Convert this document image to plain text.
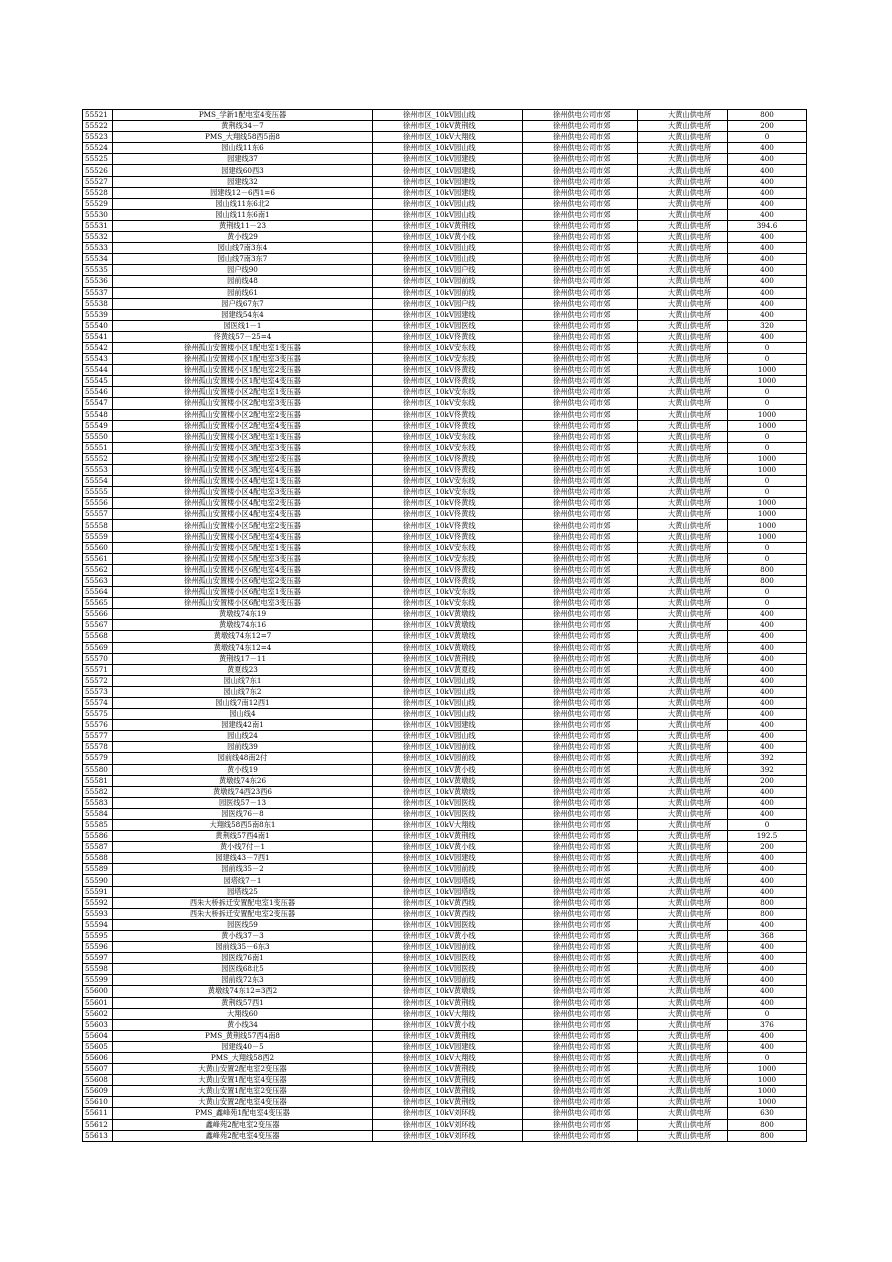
55521	PMS_学新1配电室4变压器	徐州市区_10kV园山线	徐州供电公司市郊	大黄山供电所	800
55522	黄荆线34－7	徐州市区_10kV黄荆线	徐州供电公司市郊	大黄山供电所	200
55523	PMS_大翔线58西5南8	徐州市区_10kV大翔线	徐州供电公司市郊	大黄山供电所	0
55524	园山线11东6	徐州市区_10kV园山线	徐州供电公司市郊	大黄山供电所	400
55525	园建线37	徐州市区_10kV园建线	徐州供电公司市郊	大黄山供电所	400
55526	园建线60西3	徐州市区_10kV园建线	徐州供电公司市郊	大黄山供电所	400
55527	园建线32	徐州市区_10kV园建线	徐州供电公司市郊	大黄山供电所	400
55528	园建线12－6西1=6	徐州市区_10kV园建线	徐州供电公司市郊	大黄山供电所	400
55529	园山线11东6北2	徐州市区_10kV园山线	徐州供电公司市郊	大黄山供电所	400
55530	园山线11东6南1	徐州市区_10kV园山线	徐州供电公司市郊	大黄山供电所	400
55531	黄荆线11－23	徐州市区_10kV黄荆线	徐州供电公司市郊	大黄山供电所	394.6
55532	黄小线29	徐州市区_10kV黄小线	徐州供电公司市郊	大黄山供电所	400
55533	园山线7南3东4	徐州市区_10kV园山线	徐州供电公司市郊	大黄山供电所	400
55534	园山线7南3东7	徐州市区_10kV园山线	徐州供电公司市郊	大黄山供电所	400
55535	园户线90	徐州市区_10kV园户线	徐州供电公司市郊	大黄山供电所	400
55536	园前线48	徐州市区_10kV园前线	徐州供电公司市郊	大黄山供电所	400
55537	园前线61	徐州市区_10kV园前线	徐州供电公司市郊	大黄山供电所	400
55538	园户线67东7	徐州市区_10kV园户线	徐州供电公司市郊	大黄山供电所	400
55539	园建线54东4	徐州市区_10kV园建线	徐州供电公司市郊	大黄山供电所	400
55540	园医线1－1	徐州市区_10kV园医线	徐州供电公司市郊	大黄山供电所	320
55541	佟黄线57－25=4	徐州市区_10kV佟黄线	徐州供电公司市郊	大黄山供电所	400
55542	徐州孤山安置楼小区1配电室1变压器	徐州市区_10kV安东线	徐州供电公司市郊	大黄山供电所	0
55543	徐州孤山安置楼小区1配电室3变压器	徐州市区_10kV安东线	徐州供电公司市郊	大黄山供电所	0
55544	徐州孤山安置楼小区1配电室2变压器	徐州市区_10kV佟黄线	徐州供电公司市郊	大黄山供电所	1000
55545	徐州孤山安置楼小区1配电室4变压器	徐州市区_10kV佟黄线	徐州供电公司市郊	大黄山供电所	1000
55546	徐州孤山安置楼小区2配电室1变压器	徐州市区_10kV安东线	徐州供电公司市郊	大黄山供电所	0
55547	徐州孤山安置楼小区2配电室3变压器	徐州市区_10kV安东线	徐州供电公司市郊	大黄山供电所	0
55548	徐州孤山安置楼小区2配电室2变压器	徐州市区_10kV佟黄线	徐州供电公司市郊	大黄山供电所	1000
55549	徐州孤山安置楼小区2配电室4变压器	徐州市区_10kV佟黄线	徐州供电公司市郊	大黄山供电所	1000
55550	徐州孤山安置楼小区3配电室1变压器	徐州市区_10kV安东线	徐州供电公司市郊	大黄山供电所	0
55551	徐州孤山安置楼小区3配电室3变压器	徐州市区_10kV安东线	徐州供电公司市郊	大黄山供电所	0
55552	徐州孤山安置楼小区3配电室2变压器	徐州市区_10kV佟黄线	徐州供电公司市郊	大黄山供电所	1000
55553	徐州孤山安置楼小区3配电室4变压器	徐州市区_10kV佟黄线	徐州供电公司市郊	大黄山供电所	1000
55554	徐州孤山安置楼小区4配电室1变压器	徐州市区_10kV安东线	徐州供电公司市郊	大黄山供电所	0
55555	徐州孤山安置楼小区4配电室3变压器	徐州市区_10kV安东线	徐州供电公司市郊	大黄山供电所	0
55556	徐州孤山安置楼小区4配电室2变压器	徐州市区_10kV佟黄线	徐州供电公司市郊	大黄山供电所	1000
55557	徐州孤山安置楼小区4配电室4变压器	徐州市区_10kV佟黄线	徐州供电公司市郊	大黄山供电所	1000
55558	徐州孤山安置楼小区5配电室2变压器	徐州市区_10kV佟黄线	徐州供电公司市郊	大黄山供电所	1000
55559	徐州孤山安置楼小区5配电室4变压器	徐州市区_10kV佟黄线	徐州供电公司市郊	大黄山供电所	1000
55560	徐州孤山安置楼小区5配电室1变压器	徐州市区_10kV安东线	徐州供电公司市郊	大黄山供电所	0
55561	徐州孤山安置楼小区5配电室3变压器	徐州市区_10kV安东线	徐州供电公司市郊	大黄山供电所	0
55562	徐州孤山安置楼小区6配电室4变压器	徐州市区_10kV佟黄线	徐州供电公司市郊	大黄山供电所	800
55563	徐州孤山安置楼小区6配电室2变压器	徐州市区_10kV佟黄线	徐州供电公司市郊	大黄山供电所	800
55564	徐州孤山安置楼小区6配电室1变压器	徐州市区_10kV安东线	徐州供电公司市郊	大黄山供电所	0
55565	徐州孤山安置楼小区6配电室3变压器	徐州市区_10kV安东线	徐州供电公司市郊	大黄山供电所	0
55566	黄墩线74东19	徐州市区_10kV黄墩线	徐州供电公司市郊	大黄山供电所	400
55567	黄墩线74东16	徐州市区_10kV黄墩线	徐州供电公司市郊	大黄山供电所	400
55568	黄墩线74东12=7	徐州市区_10kV黄墩线	徐州供电公司市郊	大黄山供电所	400
55569	黄墩线74东12=4	徐州市区_10kV黄墩线	徐州供电公司市郊	大黄山供电所	400
55570	黄荆线17－11	徐州市区_10kV黄荆线	徐州供电公司市郊	大黄山供电所	400
55571	黄夏线23	徐州市区_10kV黄夏线	徐州供电公司市郊	大黄山供电所	400
55572	园山线7东1	徐州市区_10kV园山线	徐州供电公司市郊	大黄山供电所	400
55573	园山线7东2	徐州市区_10kV园山线	徐州供电公司市郊	大黄山供电所	400
55574	园山线7南12西1	徐州市区_10kV园山线	徐州供电公司市郊	大黄山供电所	400
55575	园山线4	徐州市区_10kV园山线	徐州供电公司市郊	大黄山供电所	400
55576	园建线42南1	徐州市区_10kV园建线	徐州供电公司市郊	大黄山供电所	400
55577	园山线24	徐州市区_10kV园山线	徐州供电公司市郊	大黄山供电所	400
55578	园前线39	徐州市区_10kV园前线	徐州供电公司市郊	大黄山供电所	400
55579	园前线48南2付	徐州市区_10kV园前线	徐州供电公司市郊	大黄山供电所	392
55580	黄小线19	徐州市区_10kV黄小线	徐州供电公司市郊	大黄山供电所	392
55581	黄墩线74东26	徐州市区_10kV黄墩线	徐州供电公司市郊	大黄山供电所	200
55582	黄墩线74西23西6	徐州市区_10kV黄墩线	徐州供电公司市郊	大黄山供电所	400
55583	园医线57－13	徐州市区_10kV园医线	徐州供电公司市郊	大黄山供电所	400
55584	园医线76－8	徐州市区_10kV园医线	徐州供电公司市郊	大黄山供电所	400
55585	大翔线58西5南8东1	徐州市区_10kV大翔线	徐州供电公司市郊	大黄山供电所	0
55586	黄荆线57西4南1	徐州市区_10kV黄荆线	徐州供电公司市郊	大黄山供电所	192.5
55587	黄小线7付－1	徐州市区_10kV黄小线	徐州供电公司市郊	大黄山供电所	200
55588	园建线43－7西1	徐州市区_10kV园建线	徐州供电公司市郊	大黄山供电所	400
55589	园前线35－2	徐州市区_10kV园前线	徐州供电公司市郊	大黄山供电所	400
55590	园塔线7－1	徐州市区_10kV园塔线	徐州供电公司市郊	大黄山供电所	400
55591	园塔线25	徐州市区_10kV园塔线	徐州供电公司市郊	大黄山供电所	400
55592	西朱大桥拆迁安置配电室1变压器	徐州市区_10kV黄西线	徐州供电公司市郊	大黄山供电所	800
55593	西朱大桥拆迁安置配电室2变压器	徐州市区_10kV黄西线	徐州供电公司市郊	大黄山供电所	800
55594	园医线59	徐州市区_10kV园医线	徐州供电公司市郊	大黄山供电所	400
55595	黄小线37－3	徐州市区_10kV黄小线	徐州供电公司市郊	大黄山供电所	368
55596	园前线35－6东3	徐州市区_10kV园前线	徐州供电公司市郊	大黄山供电所	400
55597	园医线76南1	徐州市区_10kV园医线	徐州供电公司市郊	大黄山供电所	400
55598	园医线68北5	徐州市区_10kV园医线	徐州供电公司市郊	大黄山供电所	400
55599	园前线72东3	徐州市区_10kV园前线	徐州供电公司市郊	大黄山供电所	400
55600	黄墩线74东12=3西2	徐州市区_10kV黄墩线	徐州供电公司市郊	大黄山供电所	400
55601	黄荆线57西1	徐州市区_10kV黄荆线	徐州供电公司市郊	大黄山供电所	400
55602	大翔线60	徐州市区_10kV大翔线	徐州供电公司市郊	大黄山供电所	0
55603	黄小线34	徐州市区_10kV黄小线	徐州供电公司市郊	大黄山供电所	376
55604	PMS_黄荆线57西4南8	徐州市区_10kV黄荆线	徐州供电公司市郊	大黄山供电所	400
55605	园建线40－5	徐州市区_10kV园建线	徐州供电公司市郊	大黄山供电所	400
55606	PMS_大翔线58西2	徐州市区_10kV大翔线	徐州供电公司市郊	大黄山供电所	0
55607	大黄山安置2配电室2变压器	徐州市区_10kV黄荆线	徐州供电公司市郊	大黄山供电所	1000
55608	大黄山安置1配电室4变压器	徐州市区_10kV黄荆线	徐州供电公司市郊	大黄山供电所	1000
55609	大黄山安置1配电室2变压器	徐州市区_10kV黄荆线	徐州供电公司市郊	大黄山供电所	1000
55610	大黄山安置2配电室4变压器	徐州市区_10kV黄荆线	徐州供电公司市郊	大黄山供电所	1000
55611	PMS_鑫峰苑1配电室4变压器	徐州市区_10kV刘环线	徐州供电公司市郊	大黄山供电所	630
55612	鑫峰苑2配电室2变压器	徐州市区_10kV刘环线	徐州供电公司市郊	大黄山供电所	800
55613	鑫峰苑2配电室4变压器	徐州市区_10kV刘环线	徐州供电公司市郊	大黄山供电所	800
